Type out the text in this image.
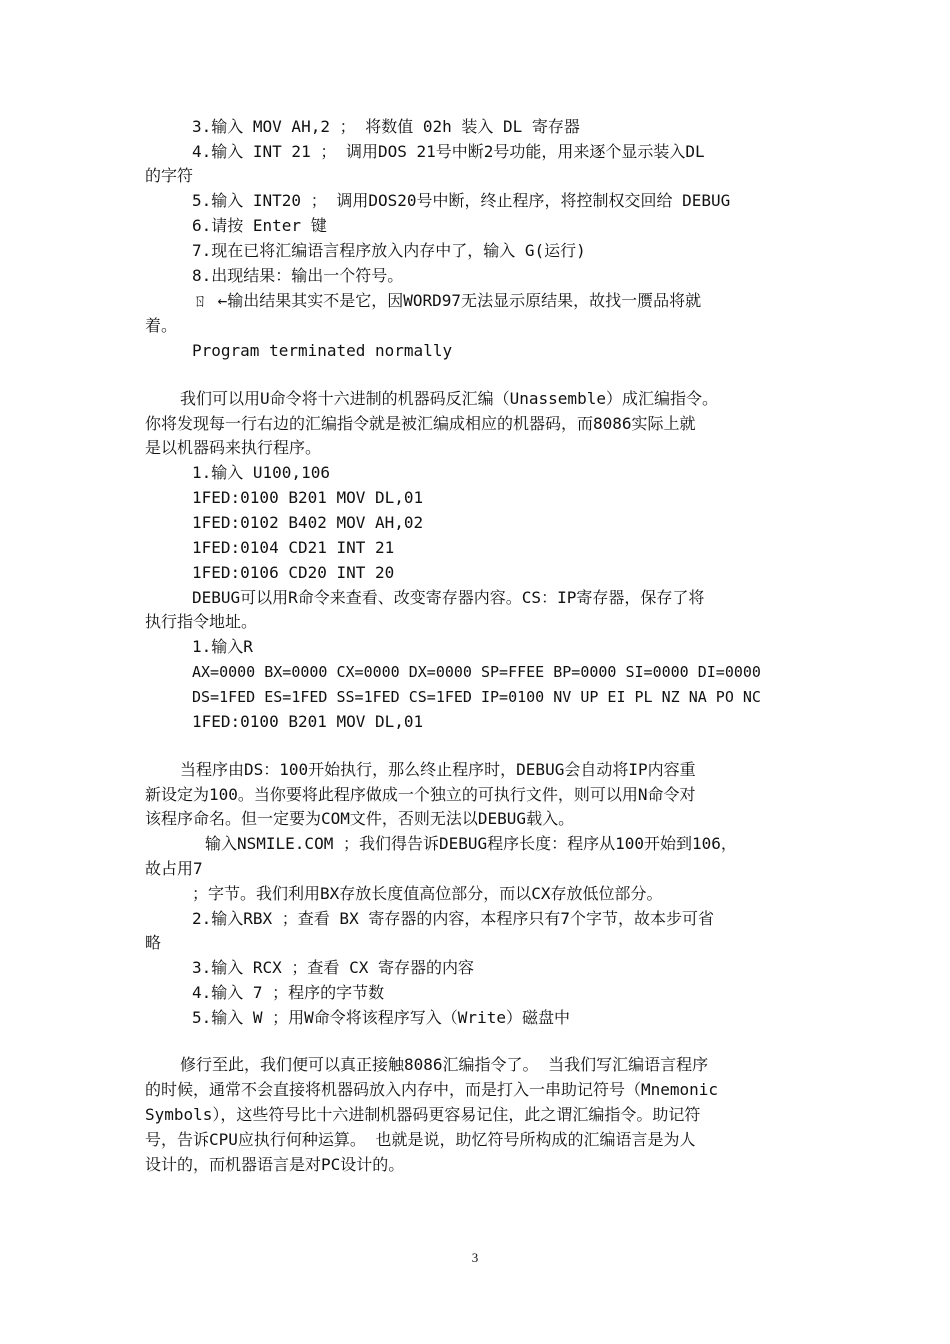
3.输入 MOV AH,2 ； 将数值 02h 装入 DL 寄存器
4.输入 INT 21 ； 调用DOS 21号中断2号功能，用来逐个显示装入DL
的字符
5.输入 INT20 ； 调用DOS20号中断，终止程序，将控制权交回给 DEBUG
6.请按 Enter 键
7.现在已将汇编语言程序放入内存中了，输入 G(运行)
8.出现结果：输出一个符号。
ㄖ ←输出结果其实不是它，因WORD97无法显示原结果，故找一赝品将就
着。
Program terminated normally
我们可以用U命令将十六进制的机器码反汇编（Unassemble）成汇编指令。
你将发现每一行右边的汇编指令就是被汇编成相应的机器码，而8086实际上就
是以机器码来执行程序。
1.输入 U100,106
1FED:0100 B201 MOV DL,01
1FED:0102 B402 MOV AH,02
1FED:0104 CD21 INT 21
1FED:0106 CD20 INT 20
DEBUG可以用R命令来查看、改变寄存器内容。CS：IP寄存器，保存了将
执行指令地址。
1.输入R
AX=0000 BX=0000 CX=0000 DX=0000 SP=FFEE BP=0000 SI=0000 DI=0000
DS=1FED ES=1FED SS=1FED CS=1FED IP=0100 NV UP EI PL NZ NA PO NC
1FED:0100 B201 MOV DL,01
当程序由DS：100开始执行，那么终止程序时，DEBUG会自动将IP内容重
新设定为100。当你要将此程序做成一个独立的可执行文件，则可以用N命令对
该程序命名。但一定要为COM文件，否则无法以DEBUG载入。
输入NSMILE.COM ；我们得告诉DEBUG程序长度：程序从100开始到106，
故占用7
；字节。我们利用BX存放长度值高位部分，而以CX存放低位部分。
2.输入RBX ；查看 BX 寄存器的内容，本程序只有7个字节，故本步可省
略
3.输入 RCX ；查看 CX 寄存器的内容
4.输入 7 ；程序的字节数
5.输入 W ；用W命令将该程序写入（Write）磁盘中
修行至此，我们便可以真正接触8086汇编指令了。 当我们写汇编语言程序
的时候，通常不会直接将机器码放入内存中，而是打入一串助记符号（Mnemonic
Symbols），这些符号比十六进制机器码更容易记住，此之谓汇编指令。助记符
号，告诉CPU应执行何种运算。 也就是说，助忆符号所构成的汇编语言是为人
设计的，而机器语言是对PC设计的。
3
